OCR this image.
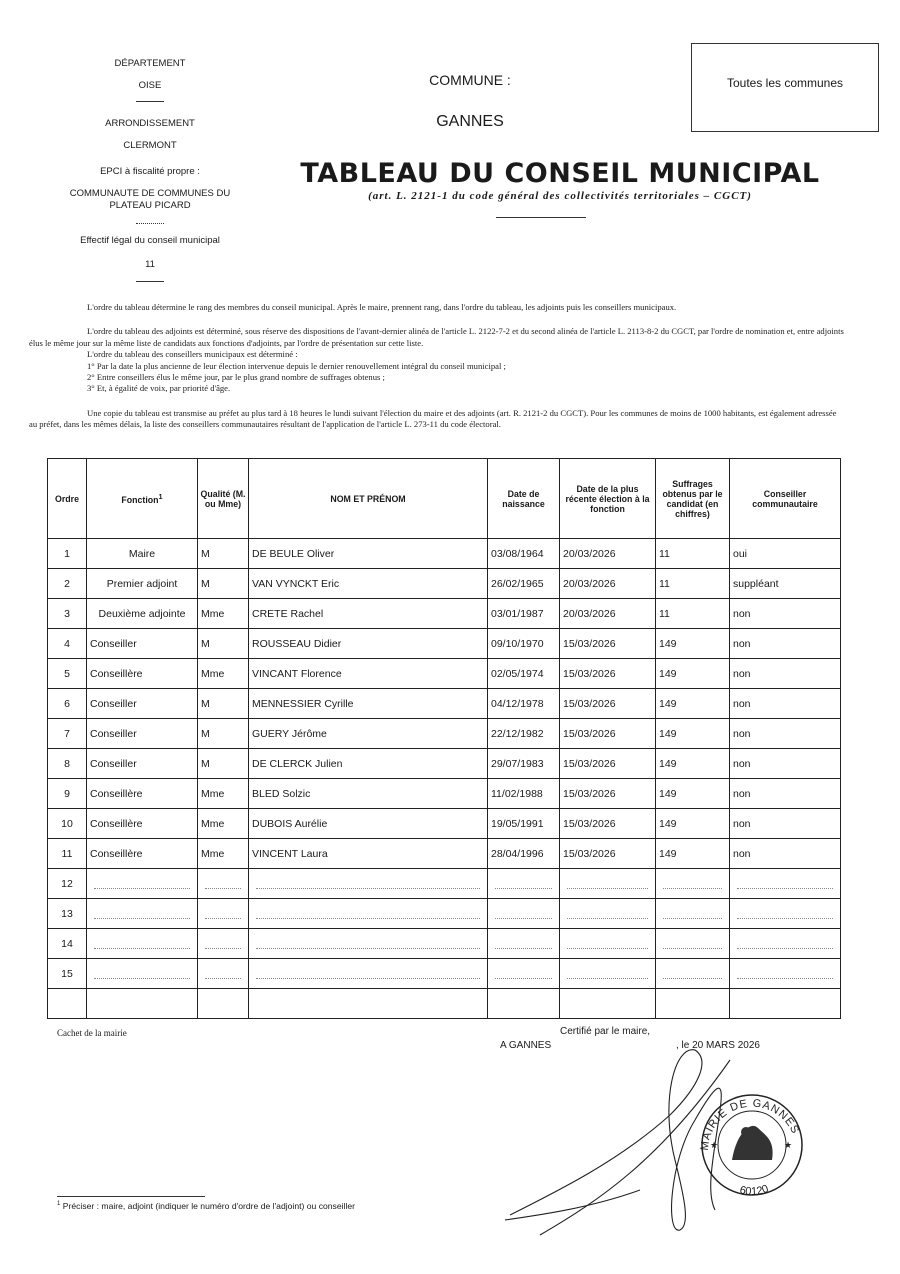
DÉPARTEMENT
OISE
ARRONDISSEMENT
CLERMONT
EPCI à fiscalité propre :
COMMUNAUTE DE COMMUNES DU
PLATEAU PICARD
Effectif légal du conseil municipal
11
COMMUNE :
GANNES
Toutes les communes
TABLEAU DU CONSEIL MUNICIPAL
(art. L. 2121-1 du code général des collectivités territoriales – CGCT)

L'ordre du tableau détermine le rang des membres du conseil municipal. Après le maire, prennent rang, dans l'ordre du tableau, les adjoints puis les conseillers municipaux.

L'ordre du tableau des adjoints est déterminé, sous réserve des dispositions de l'avant-dernier alinéa de l'article L. 2122-7-2 et du second alinéa de l'article L. 2113-8-2 du CGCT, par l'ordre de nomination et, entre adjoints élus le même jour sur la même liste de candidats aux fonctions d'adjoints, par l'ordre de présentation sur cette liste.

L'ordre du tableau des conseillers municipaux est déterminé :

1° Par la date la plus ancienne de leur élection intervenue depuis le dernier renouvellement intégral du conseil municipal ;

2° Entre conseillers élus le même jour, par le plus grand nombre de suffrages obtenus ;

3° Et, à égalité de voix, par priorité d'âge.

Une copie du tableau est transmise au préfet au plus tard à 18 heures le lundi suivant l'élection du maire et des adjoints (art. R. 2121-2 du CGCT). Pour les communes de moins de 1000 habitants, est également adressée au préfet, dans les mêmes délais, la liste des conseillers communautaires résultant de l'application de l'article L. 273-11 du code électoral.

Ordre	Fonction$^1$	Qualité (M. ou Mme)	NOM ET PRÉNOM	Date de naissance	Date de la plus récente élection à la fonction	Suffrages obtenus par le candidat (en chiffres)	Conseiller communautaire
1	Maire	M	DE BEULE Oliver	03/08/1964	20/03/2026	11	oui
2	Premier adjoint	M	VAN VYNCKT Eric	26/02/1965	20/03/2026	11	suppléant
3	Deuxième adjointe	Mme	CRETE Rachel	03/01/1987	20/03/2026	11	non
4	Conseiller	M	ROUSSEAU Didier	09/10/1970	15/03/2026	149	non
5	Conseillère	Mme	VINCANT Florence	02/05/1974	15/03/2026	149	non
6	Conseiller	M	MENNESSIER Cyrille	04/12/1978	15/03/2026	149	non
7	Conseiller	M	GUERY Jérôme	22/12/1982	15/03/2026	149	non
8	Conseiller	M	DE CLERCK Julien	29/07/1983	15/03/2026	149	non
9	Conseillère	Mme	BLED Solzic	11/02/1988	15/03/2026	149	non
10	Conseillère	Mme	DUBOIS Aurélie	19/05/1991	15/03/2026	149	non
11	Conseillère	Mme	VINCENT Laura	28/04/1996	15/03/2026	149	non
12	

13	

14	

15	

Cachet de la mairie	Certifié par le maire,
A GANNES	, le 20 MARS 2026
MAIRIE DE GANNES
60120
★	★
$^1$ Préciser : maire, adjoint (indiquer le numéro d'ordre de l'adjoint) ou conseiller
